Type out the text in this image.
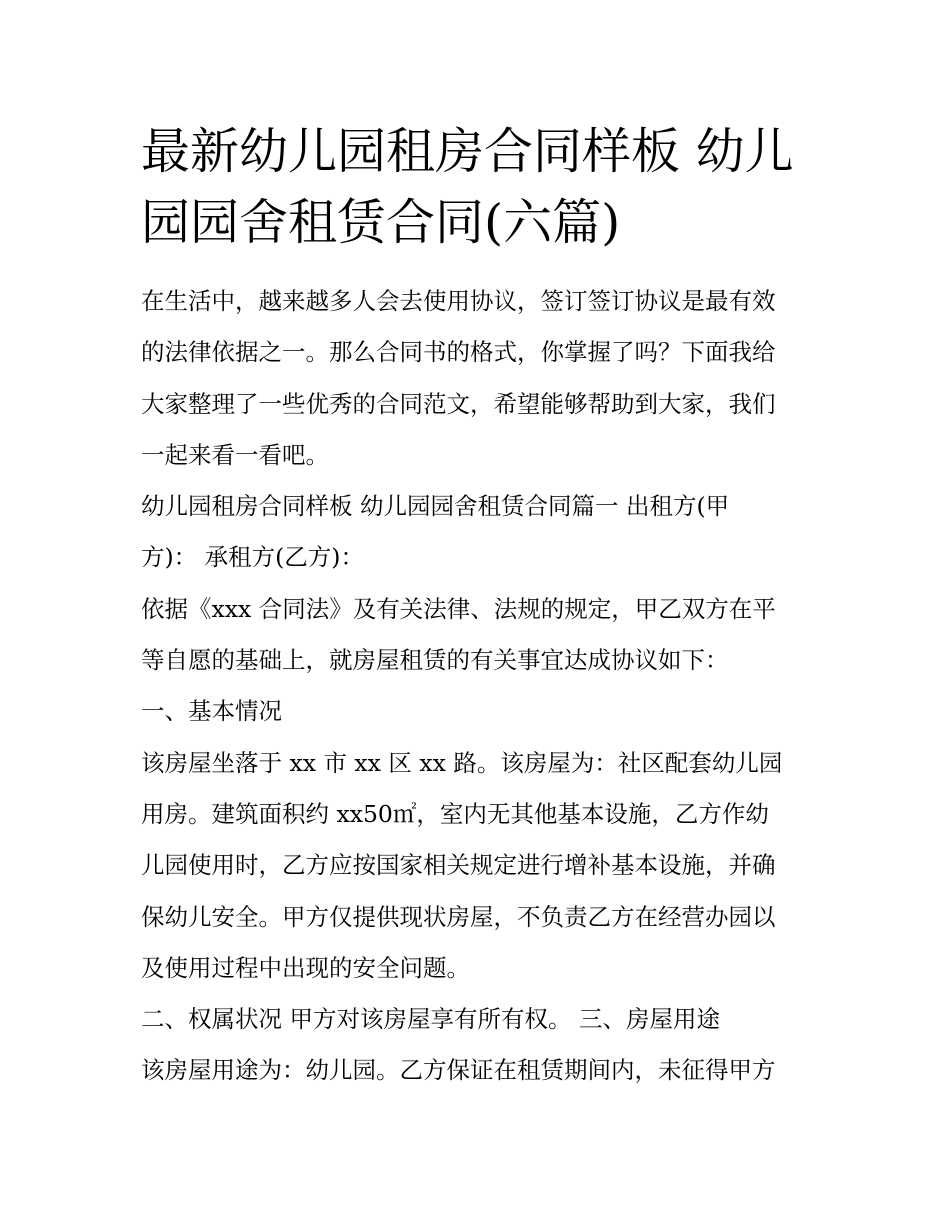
最新幼儿园租房合同样板 幼儿
园园舍租赁合同(六篇)

在生活中，越来越多人会去使用协议，签订签订协议是最有效

的法律依据之一。那么合同书的格式，你掌握了吗？下面我给

大家整理了一些优秀的合同范文，希望能够帮助到大家，我们

一起来看一看吧。

幼儿园租房合同样板 幼儿园园舍租赁合同篇一 出租方(甲

方)： 承租方(乙方)：

依据《xxx 合同法》及有关法律、法规的规定，甲乙双方在平

等自愿的基础上，就房屋租赁的有关事宜达成协议如下：

一、基本情况

该房屋坐落于 xx 市 xx 区 xx 路。该房屋为：社区配套幼儿园

用房。建筑面积约 xx50㎡，室内无其他基本设施，乙方作幼

儿园使用时，乙方应按国家相关规定进行增补基本设施，并确

保幼儿安全。甲方仅提供现状房屋，不负责乙方在经营办园以

及使用过程中出现的安全问题。

二、权属状况 甲方对该房屋享有所有权。 三、房屋用途

该房屋用途为：幼儿园。乙方保证在租赁期间内，未征得甲方
